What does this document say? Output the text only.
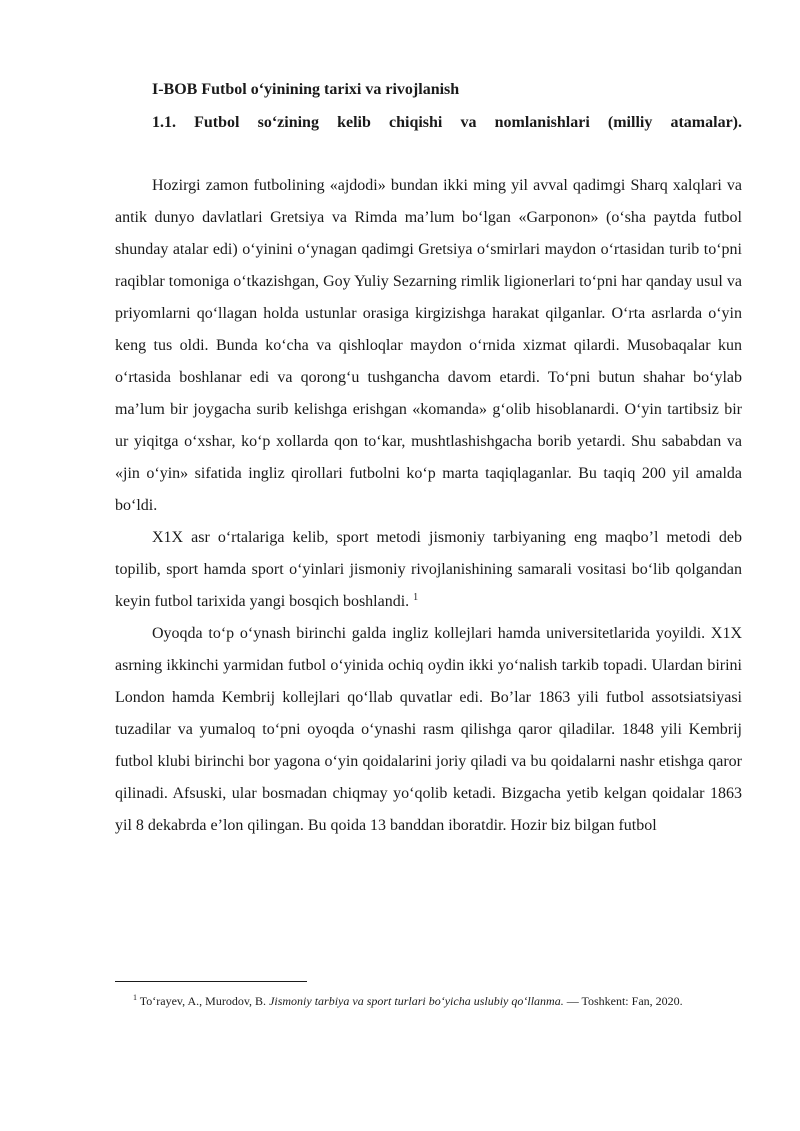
I-BOB Futbol o‘yinining tarixi va rivojlanish
1.1. Futbol so‘zining kelib chiqishi va nomlanishlari (milliy atamalar).

Hozirgi zamon futbolining «ajdodi» bundan ikki ming yil avval qadimgi Sharq xalqlari va antik dunyo davlatlari Gretsiya va Rimda ma’lum bo‘lgan «Garponon» (o‘sha paytda futbol shunday atalar edi) o‘yinini o‘ynagan qadimgi Gretsiya o‘smirlari maydon o‘rtasidan turib to‘pni raqiblar tomoniga o‘tkazishgan, Goy Yuliy Sezarning rimlik ligionerlari to‘pni har qanday usul va priyomlarni qo‘llagan holda ustunlar orasiga kirgizishga harakat qilganlar. O‘rta asrlarda o‘yin keng tus oldi. Bunda ko‘cha va qishloqlar maydon o‘rnida xizmat qilardi. Musobaqalar kun o‘rtasida boshlanar edi va qorong‘u tushgancha davom etardi. To‘pni butun shahar bo‘ylab ma’lum bir joygacha surib kelishga erishgan «komanda» g‘olib hisoblanardi. O‘yin tartibsiz bir ur yiqitga o‘xshar, ko‘p xollarda qon to‘kar, mushtlashishgacha borib yetardi. Shu sababdan va «jin o‘yin» sifatida ingliz qirollari futbolni ko‘p marta taqiqlaganlar. Bu taqiq 200 yil amalda bo‘ldi.

X1X asr o‘rtalariga kelib, sport metodi jismoniy tarbiyaning eng maqbo’l metodi deb topilib, sport hamda sport o‘yinlari jismoniy rivojlanishining samarali vositasi bo‘lib qolgandan keyin futbol tarixida yangi bosqich boshlandi. $^1$

Oyoqda to‘p o‘ynash birinchi galda ingliz kollejlari hamda universitetlarida yoyildi. X1X asrning ikkinchi yarmidan futbol o‘yinida ochiq oydin ikki yo‘nalish tarkib topadi. Ulardan birini London hamda Kembrij kollejlari qo‘llab quvatlar edi. Bo’lar 1863 yili futbol assotsiatsiyasi tuzadilar va yumaloq to‘pni oyoqda o‘ynashi rasm qilishga qaror qiladilar. 1848 yili Kembrij futbol klubi birinchi bor yagona o‘yin qoidalarini joriy qiladi va bu qoidalarni nashr etishga qaror qilinadi. Afsuski, ular bosmadan chiqmay yo‘qolib ketadi. Bizgacha yetib kelgan qoidalar 1863 yil 8 dekabrda e’lon qilingan. Bu qoida 13 banddan iboratdir. Hozir biz bilgan futbol

$^1$ To‘rayev, A., Murodov, B. Jismoniy tarbiya va sport turlari bo‘yicha uslubiy qo‘llanma. — Toshkent: Fan, 2020.
